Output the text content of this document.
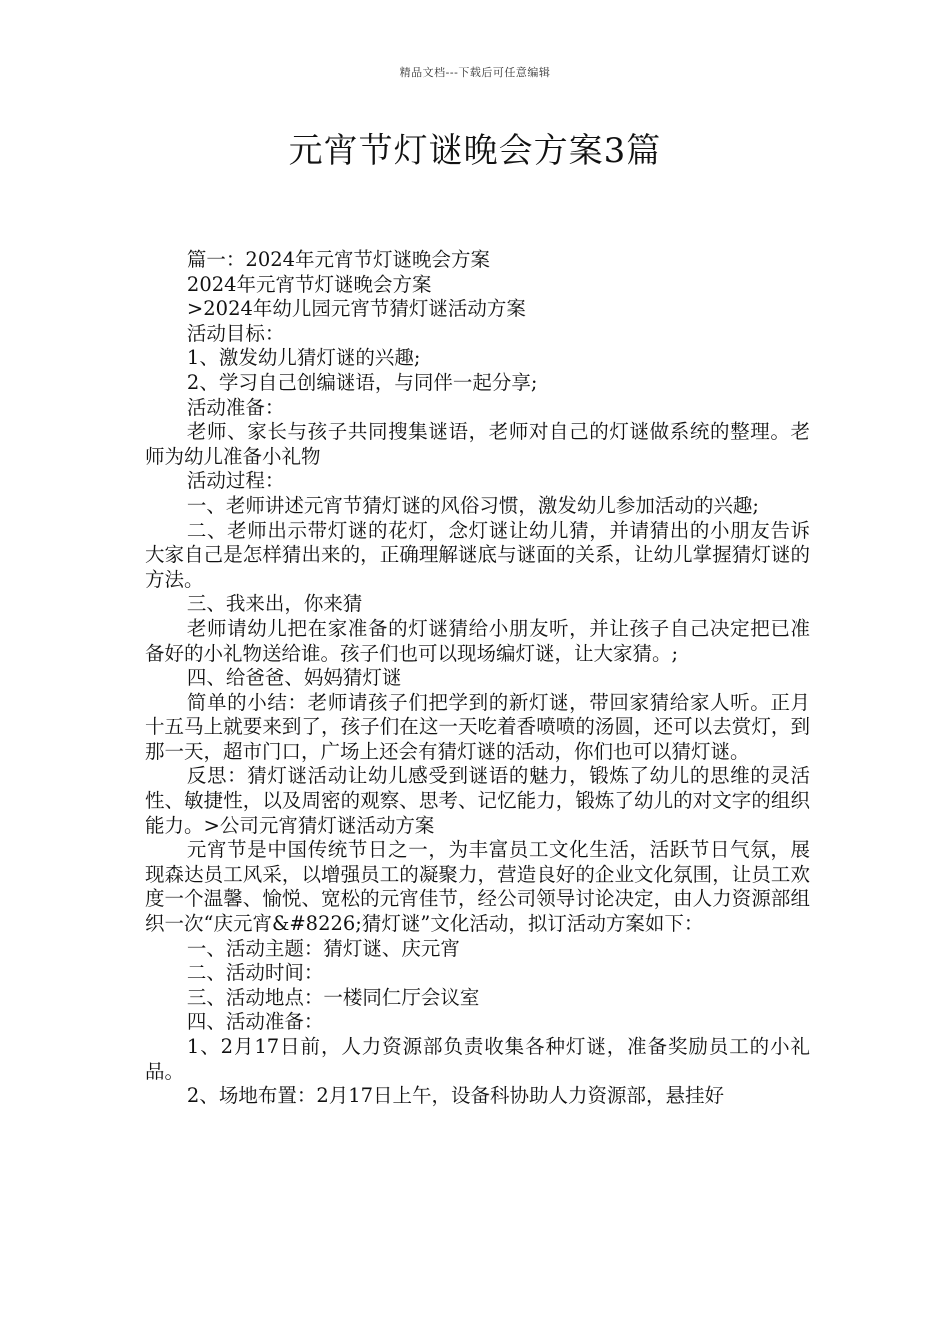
精品文档---下载后可任意编辑
元宵节灯谜晚会方案3篇

篇一：2024年元宵节灯谜晚会方案

2024年元宵节灯谜晚会方案

>2024年幼儿园元宵节猜灯谜活动方案

活动目标：

1、激发幼儿猜灯谜的兴趣;

2、学习自己创编谜语，与同伴一起分享;

活动准备：

老师、家长与孩子共同搜集谜语，老师对自己的灯谜做系统的整理。老师为幼儿准备小礼物

活动过程：

一、老师讲述元宵节猜灯谜的风俗习惯，激发幼儿参加活动的兴趣;

二、老师出示带灯谜的花灯，念灯谜让幼儿猜，并请猜出的小朋友告诉大家自己是怎样猜出来的，正确理解谜底与谜面的关系，让幼儿掌握猜灯谜的方法。

三、我来出，你来猜

老师请幼儿把在家准备的灯谜猜给小朋友听，并让孩子自己决定把已准备好的小礼物送给谁。孩子们也可以现场编灯谜，让大家猜。;

四、给爸爸、妈妈猜灯谜

简单的小结：老师请孩子们把学到的新灯谜，带回家猜给家人听。正月十五马上就要来到了，孩子们在这一天吃着香喷喷的汤圆，还可以去赏灯，到那一天，超市门口，广场上还会有猜灯谜的活动，你们也可以猜灯谜。

反思：猜灯谜活动让幼儿感受到谜语的魅力，锻炼了幼儿的思维的灵活性、敏捷性，以及周密的观察、思考、记忆能力，锻炼了幼儿的对文字的组织能力。>公司元宵猜灯谜活动方案

元宵节是中国传统节日之一，为丰富员工文化生活，活跃节日气氛，展现森达员工风采，以增强员工的凝聚力，营造良好的企业文化氛围，让员工欢度一个温馨、愉悦、宽松的元宵佳节，经公司领导讨论决定，由人力资源部组织一次“庆元宵&#8226;猜灯谜”文化活动，拟订活动方案如下：

一、活动主题：猜灯谜、庆元宵

二、活动时间：

三、活动地点：一楼同仁厅会议室

四、活动准备：

1、2月17日前，人力资源部负责收集各种灯谜，准备奖励员工的小礼品。

2、场地布置：2月17日上午，设备科协助人力资源部，悬挂好
